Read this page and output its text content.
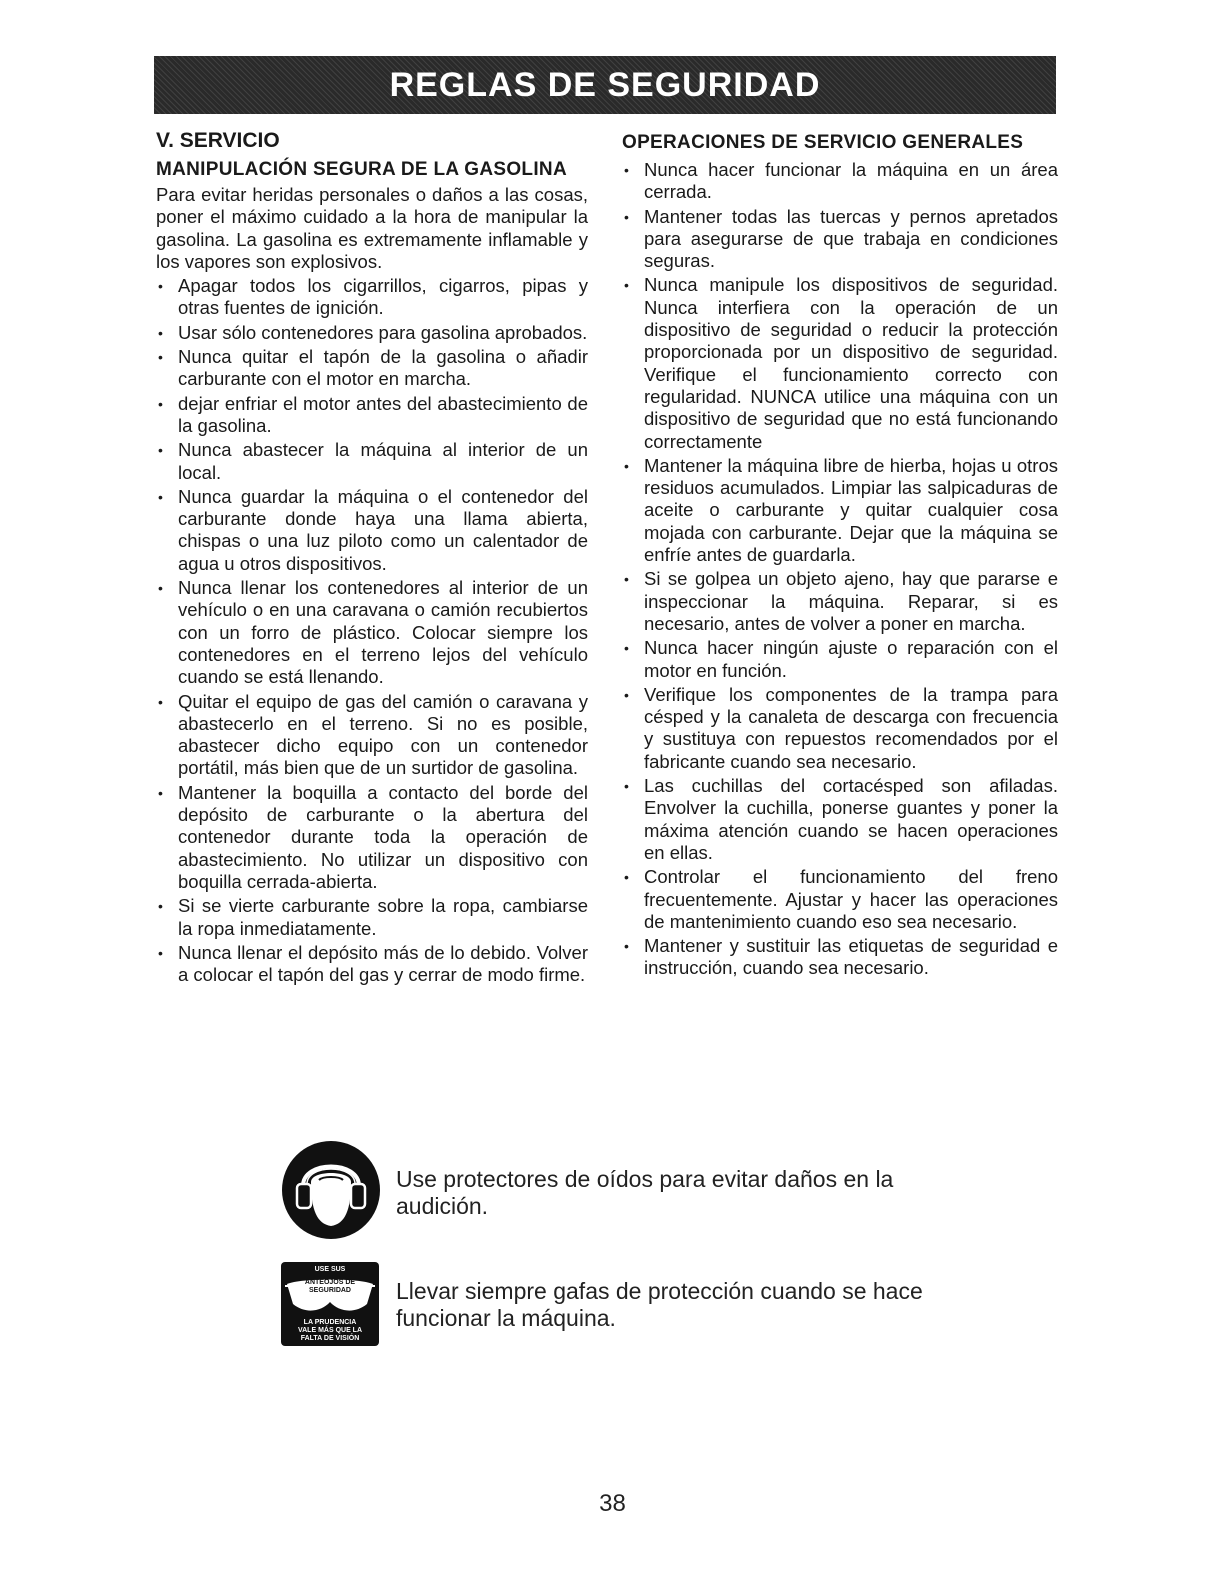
REGLAS DE SEGURIDAD
V. SERVICIO
MANIPULACIÓN SEGURA DE LA GASOLINA

Para evitar heridas personales o daños a las cosas, poner el máximo cuidado a la hora de manipular la gasolina. La gasolina es extremamente inflamable y los vapores son explosivos.

• Apagar todos los cigarrillos, cigarros, pipas y otras fuentes de ignición.
• Usar sólo contenedores para gasolina aprobados.
• Nunca quitar el tapón de la gasolina o añadir carburante con el motor en marcha.
• dejar enfriar el motor antes del abastecimiento de la gasolina.
• Nunca abastecer la máquina al interior de un local.
• Nunca guardar la máquina o el contenedor del carburante donde haya una llama abierta, chispas o una luz piloto como un calentador de agua u otros dispositivos.
• Nunca llenar los contenedores al interior de un vehículo o en una caravana o camión recubiertos con un forro de plástico. Colocar siempre los contenedores en el terreno lejos del vehículo cuando se está llenando.
• Quitar el equipo de gas del camión o caravana y abastecerlo en el terreno. Si no es posible, abastecer dicho equipo con un contenedor portátil, más bien que de un surtidor de gasolina.
• Mantener la boquilla a contacto del borde del depósito de carburante o la abertura del contenedor durante toda la operación de abastecimiento. No utilizar un dispositivo con boquilla cerrada-abierta.
• Si se vierte carburante sobre la ropa, cambiarse la ropa inmediatamente.
• Nunca llenar el depósito más de lo debido. Volver a colocar el tapón del gas y cerrar de modo firme.
OPERACIONES DE SERVICIO GENERALES
• Nunca hacer funcionar la máquina en un área cerrada.
• Mantener todas las tuercas y pernos apretados para asegurarse de que trabaja en condiciones seguras.
• Nunca manipule los dispositivos de seguridad. Nunca interfiera con la operación de un dispositivo de seguridad o reducir la protección proporcionada por un dispositivo de seguridad. Verifique el funcionamiento correcto con regularidad. NUNCA utilice una máquina con un dispositivo de seguridad que no está funcionando correctamente
• Mantener la máquina libre de hierba, hojas u otros residuos acumulados. Limpiar las salpicaduras de aceite o carburante y quitar cualquier cosa mojada con carburante. Dejar que la máquina se enfríe antes de guardarla.
• Si se golpea un objeto ajeno, hay que pararse e inspeccionar la máquina. Reparar, si es necesario, antes de volver a poner en marcha.
• Nunca hacer ningún ajuste o reparación con el motor en función.
• Verifique los componentes de la trampa para césped y la canaleta de descarga con frecuencia y sustituya con repuestos recomendados por el fabricante cuando sea necesario.
• Las cuchillas del cortacésped son afiladas. Envolver la cuchilla, ponerse guantes y poner la máxima atención cuando se hacen operaciones en ellas.
• Controlar el funcionamiento del freno frecuentemente. Ajustar y hacer las operaciones de mantenimiento cuando eso sea necesario.
• Mantener y sustituir las etiquetas de seguridad e instrucción, cuando sea necesario.
Use protectores de oídos para evitar daños en la audición.
USE SUS
ANTEOJOS DE
SEGURIDAD
LA PRUDENCIA
VALE MÁS QUE LA
FALTA DE VISIÓN
Llevar siempre gafas de protección cuando se hace funcionar la máquina.
38
